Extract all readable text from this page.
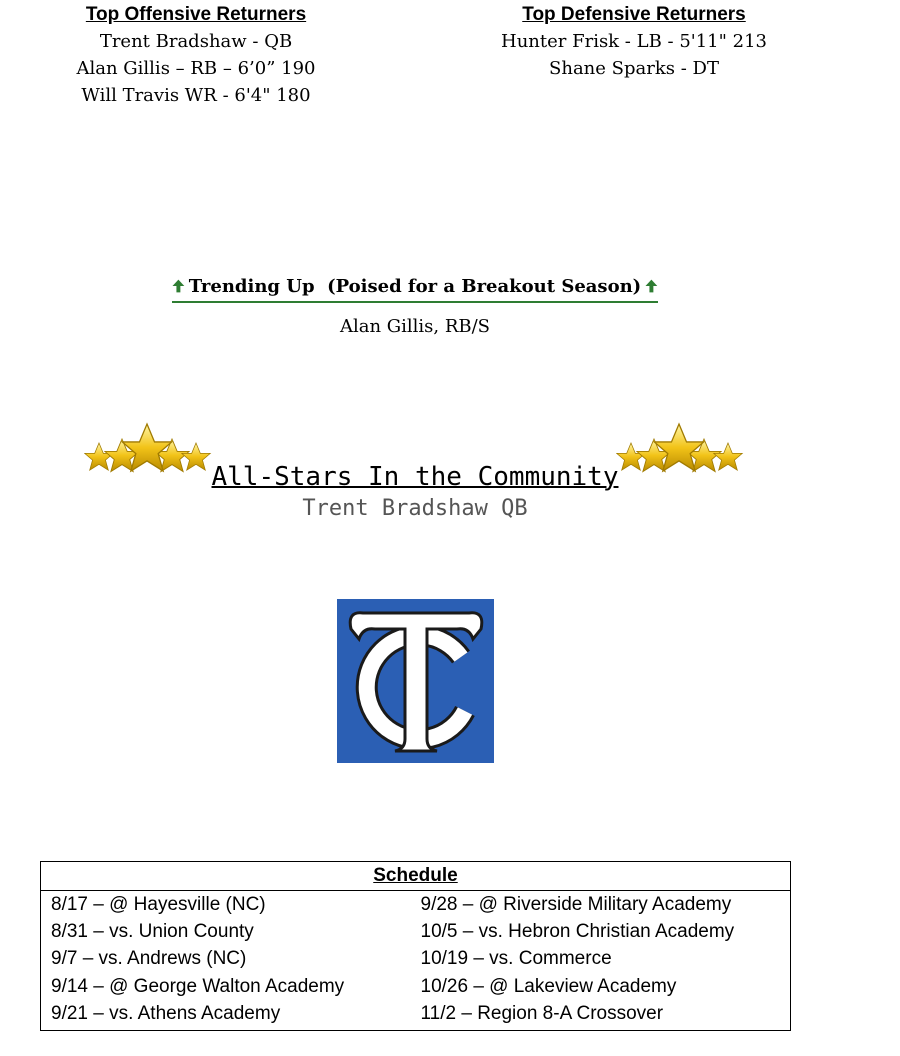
Top Offensive Returners
Trent Bradshaw - QB
Alan Gillis – RB – 6’0” 190
Will Travis WR - 6'4" 180
Top Defensive Returners
Hunter Frisk - LB - 5'11" 213
Shane Sparks - DT
Trending Up  (Poised for a Breakout Season)
Alan Gillis, RB/S
All-Stars In the Community
Trent Bradshaw QB
Schedule
8/17 – @ Hayesville (NC)
8/31 – vs. Union County
9/7 – vs. Andrews (NC)
9/14 – @ George Walton Academy
9/21 – vs. Athens Academy
9/28 – @ Riverside Military Academy
10/5 – vs. Hebron Christian Academy
10/19 – vs. Commerce
10/26 – @ Lakeview Academy
11/2 – Region 8-A Crossover
